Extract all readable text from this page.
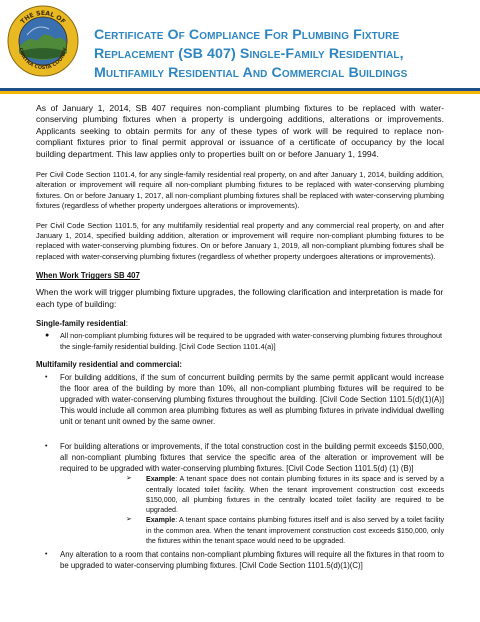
THE SEAL OF
CONTRA COSTA COUNTY
Certificate Of Compliance For Plumbing Fixture
Replacement (SB 407) Single-Family Residential,
Multifamily Residential And Commercial Buildings

As of January 1, 2014, SB 407 requires non-compliant plumbing fixtures to be replaced with water-conserving plumbing fixtures when a property is undergoing additions, alterations or improvements. Applicants seeking to obtain permits for any of these types of work will be required to replace non-compliant fixtures prior to final permit approval or issuance of a certificate of occupancy by the local building department. This law applies only to properties built on or before January 1, 1994.

Per Civil Code Section 1101.4, for any single-family residential real property, on and after January 1, 2014, building addition, alteration or improvement will require all non-compliant plumbing fixtures to be replaced with water-conserving plumbing fixtures. On or before January 1, 2017, all non-compliant plumbing fixtures shall be replaced with water-conserving plumbing fixtures (regardless of whether property undergoes alterations or improvements).

Per Civil Code Section 1101.5, for any multifamily residential real property and any commercial real property, on and after January 1, 2014, specified building addition, alteration or improvement will require non-compliant plumbing fixtures to be replaced with water-conserving plumbing fixtures. On or before January 1, 2019, all non-compliant plumbing fixtures shall be replaced with water-conserving plumbing fixtures (regardless of whether property undergoes alterations or improvements).

When Work Triggers SB 407

When the work will trigger plumbing fixture upgrades, the following clarification and interpretation is made for each type of building:

Single-family residential:

● All non-compliant plumbing fixtures will be required to be upgraded with water-conserving plumbing fixtures throughout the single-family residential building. [Civil Code Section 1101.4(a)]

Multifamily residential and commercial:

• For building additions, if the sum of concurrent building permits by the same permit applicant would increase the floor area of the building by more than 10%, all non-compliant plumbing fixtures will be required to be upgraded with water-conserving plumbing fixtures throughout the building. [Civil Code Section 1101.5(d)(1)(A)] This would include all common area plumbing fixtures as well as plumbing fixtures in private individual dwelling unit or tenant unit owned by the same owner.
• For building alterations or improvements, if the total construction cost in the building permit exceeds $150,000, all non-compliant plumbing fixtures that service the specific area of the alteration or improvement will be required to be upgraded with water-conserving plumbing fixtures. [Civil Code Section 1101.5(d) (1) (B)]
➢ Example: A tenant space does not contain plumbing fixtures in its space and is served by a centrally located toilet facility. When the tenant improvement construction cost exceeds $150,000, all plumbing fixtures in the centrally located toilet facility are required to be upgraded.
➢ Example: A tenant space contains plumbing fixtures itself and is also served by a toilet facility in the common area. When the tenant improvement construction cost exceeds $150,000, only the fixtures within the tenant space would need to be upgraded.
• Any alteration to a room that contains non-compliant plumbing fixtures will require all the fixtures in that room to be upgraded to water-conserving plumbing fixtures. [Civil Code Section 1101.5(d)(1)(C)]
